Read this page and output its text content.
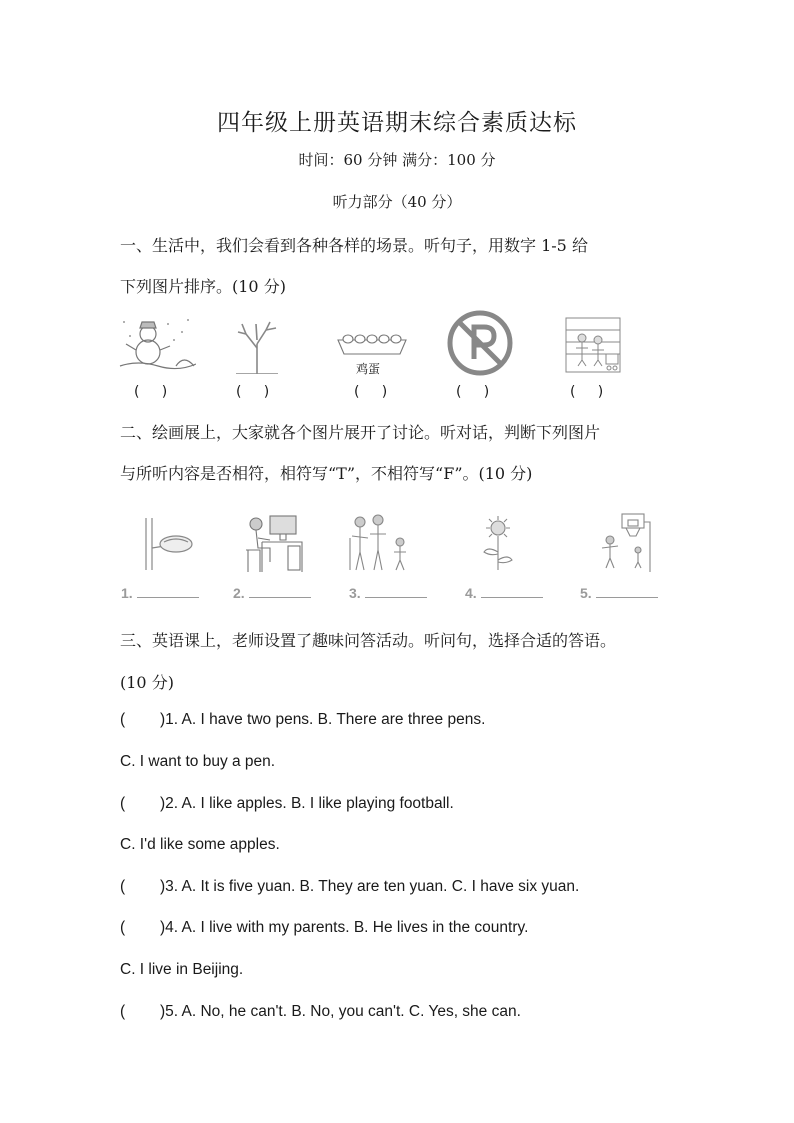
四年级上册英语期末综合素质达标
时间：60 分钟 满分：100 分
听力部分（40 分）
一、生活中，我们会看到各种各样的场景。听句子，用数字 1-5 给
下列图片排序。(10 分)
鸡蛋
(     )	(     )	(     )	(     )	(     )
二、绘画展上，大家就各个图片展开了讨论。听对话，判断下列图片
与所听内容是否相符，相符写“T”，不相符写“F”。(10 分)
1.	2.	3.	4.	5.
三、英语课上，老师设置了趣味问答活动。听问句，选择合适的答语。
(10 分)
( )1. A. I have two pens. B. There are three pens.
C. I want to buy a pen.
( )2. A. I like apples. B. I like playing football.
C. I'd like some apples.
( )3. A. It is five yuan. B. They are ten yuan. C. I have six yuan.
( )4. A. I live with my parents. B. He lives in the country.
C. I live in Beijing.
( )5. A. No, he can't. B. No, you can't. C. Yes, she can.
